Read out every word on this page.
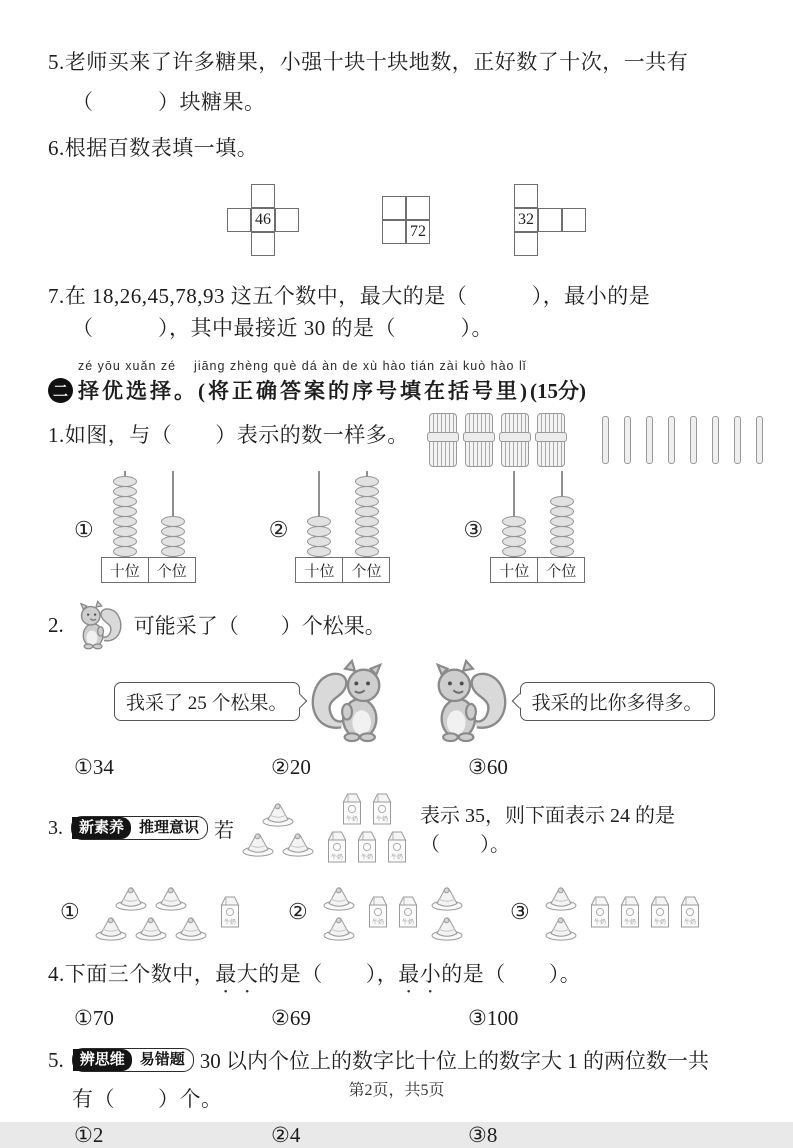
5.老师买来了许多糖果，小强十块十块地数，正好数了十次，一共有
（　　　）块糖果。
6.根据百数表填一填。
46
72
32
7.在 18,26,45,78,93 这五个数中，最大的是（　　　），最小的是
（　　　），其中最接近 30 的是（　　　）。
zé yōu xuǎn zé　 jiāng zhèng què dá àn de xù hào tián zài kuò hào lǐ
二 择优选择。(将正确答案的序号填在括号里) (15分)
1.如图，与（　　）表示的数一样多。
①
十位	个位
②
十位	个位
③
十位	个位
2.	可能采了（　　）个松果。
我采了 25 个松果。	我采的比你多得多。
①34	②20	③60
3.	新素养	推理意识 若	牛奶	牛奶
牛奶	牛奶	牛奶
表示 35，则下面表示 24 的是（　　）。
①	牛奶 ②	牛奶	牛奶	③	牛奶	牛奶	牛奶	牛奶
4.下面三个数中，最大的是（　　），最小的是（　　）。
①70	②69	③100
5.	辨思维	易错题 30 以内个位上的数字比十位上的数字大 1 的两位数一共
有（　　）个。
①2	②4	③8
第2页，共5页
